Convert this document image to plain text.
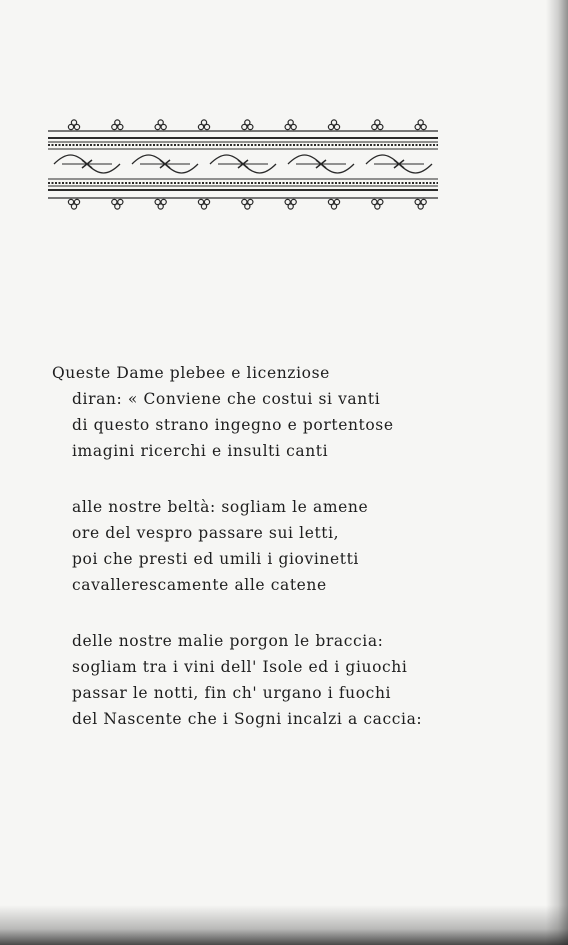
Queste Dame plebee e licenziose
diran: « Conviene che costui si vanti
di questo strano ingegno e portentose
imagini ricerchi e insulti canti
alle nostre beltà: sogliam le amene
ore del vespro passare sui letti,
poi che presti ed umili i giovinetti
cavallerescamente alle catene
delle nostre malie porgon le braccia:
sogliam tra i vini dell' Isole ed i giuochi
passar le notti, fin ch' urgano i fuochi
del Nascente che i Sogni incalzi a caccia:
